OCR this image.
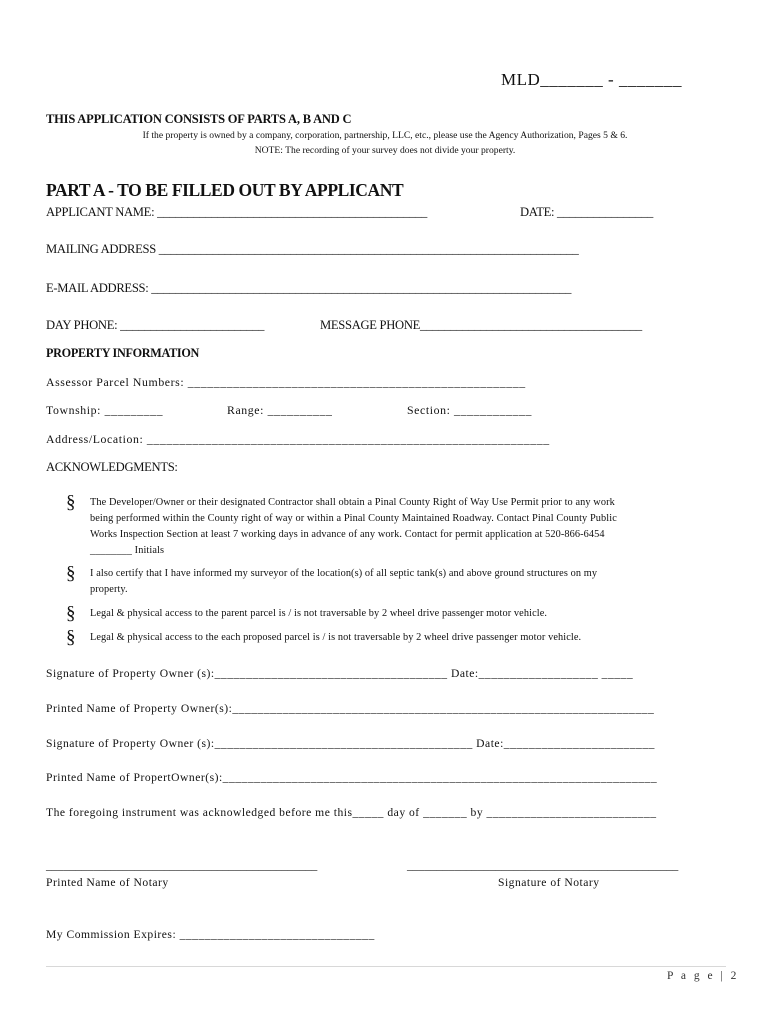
MLD_______ - _______
THIS APPLICATION CONSISTS OF PARTS A, B AND C
If the property is owned by a company, corporation, partnership, LLC, etc., please use the Agency Authorization, Pages 5 & 6.
NOTE: The recording of your survey does not divide your property.
PART A - TO BE FILLED OUT BY APPLICANT
APPLICANT NAME: _____________________________________________	DATE: ________________
MAILING ADDRESS ______________________________________________________________________
E-MAIL ADDRESS: ______________________________________________________________________
DAY PHONE: ________________________	MESSAGE PHONE_____________________________________
PROPERTY INFORMATION
Assessor Parcel Numbers: ____________________________________________________
Township: _________	Range: __________	Section: ____________
Address/Location: ______________________________________________________________
ACKNOWLEDGMENTS:
§ The Developer/Owner or their designated Contractor shall obtain a Pinal County Right of Way Use Permit prior to any work
being performed within the County right of way or within a Pinal County Maintained Roadway. Contact Pinal County Public
Works Inspection Section at least 7 working days in advance of any work. Contact for permit application at 520-866-6454
________ Initials
§ I also certify that I have informed my surveyor of the location(s) of all septic tank(s) and above ground structures on my
property.
§ Legal & physical access to the parent parcel is / is not traversable by 2 wheel drive passenger motor vehicle.
§ Legal & physical access to the each proposed parcel is / is not traversable by 2 wheel drive passenger motor vehicle.
Signature of Property Owner (s):_____________________________________ Date:___________________ _____
Printed Name of Property Owner(s):___________________________________________________________________
Signature of Property Owner (s):_________________________________________ Date:________________________
Printed Name of PropertOwner(s):_____________________________________________________________________
The foregoing instrument was acknowledged before me this_____ day of _______ by ___________________________
______________________________________________	______________________________________________
Printed Name of Notary	Signature of Notary
My Commission Expires: _______________________________
P a g e | 2
